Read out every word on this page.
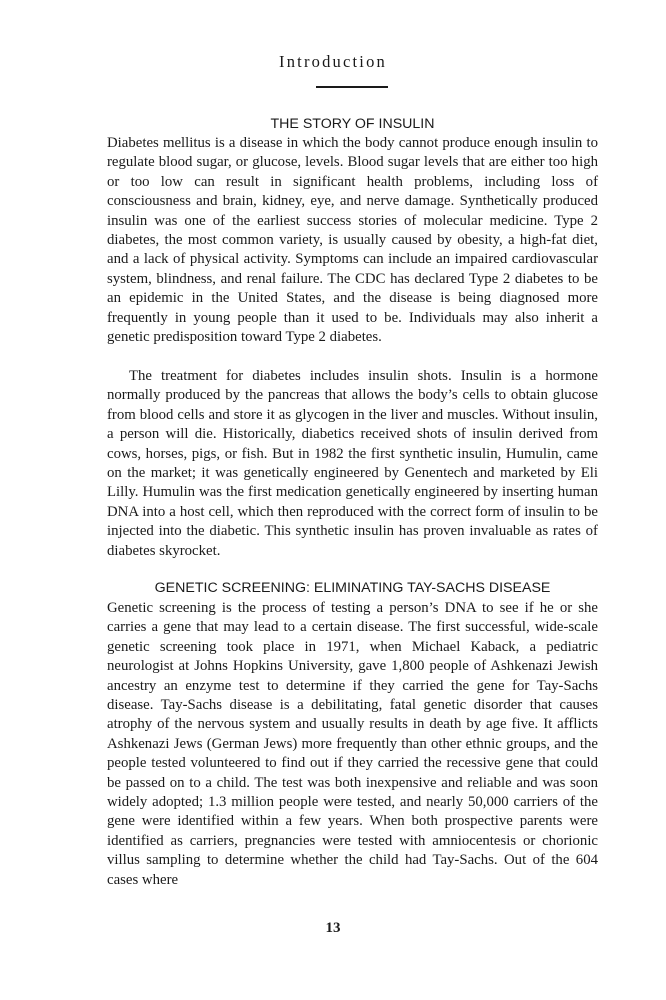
Introduction
THE STORY OF INSULIN

Diabetes mellitus is a disease in which the body cannot produce enough insulin to regulate blood sugar, or glucose, levels. Blood sugar levels that are either too high or too low can result in significant health problems, including loss of consciousness and brain, kidney, eye, and nerve damage. Synthetically produced insulin was one of the earliest success stories of molecular medicine. Type 2 diabetes, the most common variety, is usually caused by obesity, a high-fat diet, and a lack of physical activity. Symptoms can include an impaired cardiovascular system, blindness, and renal failure. The CDC has declared Type 2 diabetes to be an epidemic in the United States, and the disease is being diagnosed more frequently in young people than it used to be. Individuals may also inherit a genetic predisposition toward Type 2 diabetes.

The treatment for diabetes includes insulin shots. Insulin is a hormone normally produced by the pancreas that allows the body’s cells to obtain glucose from blood cells and store it as glycogen in the liver and muscles. Without insulin, a person will die. Historically, diabetics received shots of insulin derived from cows, horses, pigs, or fish. But in 1982 the first synthetic insulin, Humulin, came on the market; it was genetically engineered by Genentech and marketed by Eli Lilly. Humulin was the first medication genetically engineered by inserting human DNA into a host cell, which then reproduced with the correct form of insulin to be injected into the diabetic. This synthetic insulin has proven invaluable as rates of diabetes skyrocket.

GENETIC SCREENING: ELIMINATING TAY-SACHS DISEASE

Genetic screening is the process of testing a person’s DNA to see if he or she carries a gene that may lead to a certain disease. The first successful, wide-scale genetic screening took place in 1971, when Michael Kaback, a pediatric neurologist at Johns Hopkins University, gave 1,800 people of Ashkenazi Jewish ancestry an enzyme test to determine if they carried the gene for Tay-Sachs disease. Tay-Sachs disease is a debilitating, fatal genetic disorder that causes atrophy of the nervous system and usually results in death by age five. It afflicts Ashkenazi Jews (German Jews) more frequently than other ethnic groups, and the people tested volunteered to find out if they carried the recessive gene that could be passed on to a child. The test was both inexpensive and reliable and was soon widely adopted; 1.3 million people were tested, and nearly 50,000 carriers of the gene were identified within a few years. When both prospective parents were identified as carriers, pregnancies were tested with amniocentesis or chorionic villus sampling to determine whether the child had Tay-Sachs. Out of the 604 cases where

13
